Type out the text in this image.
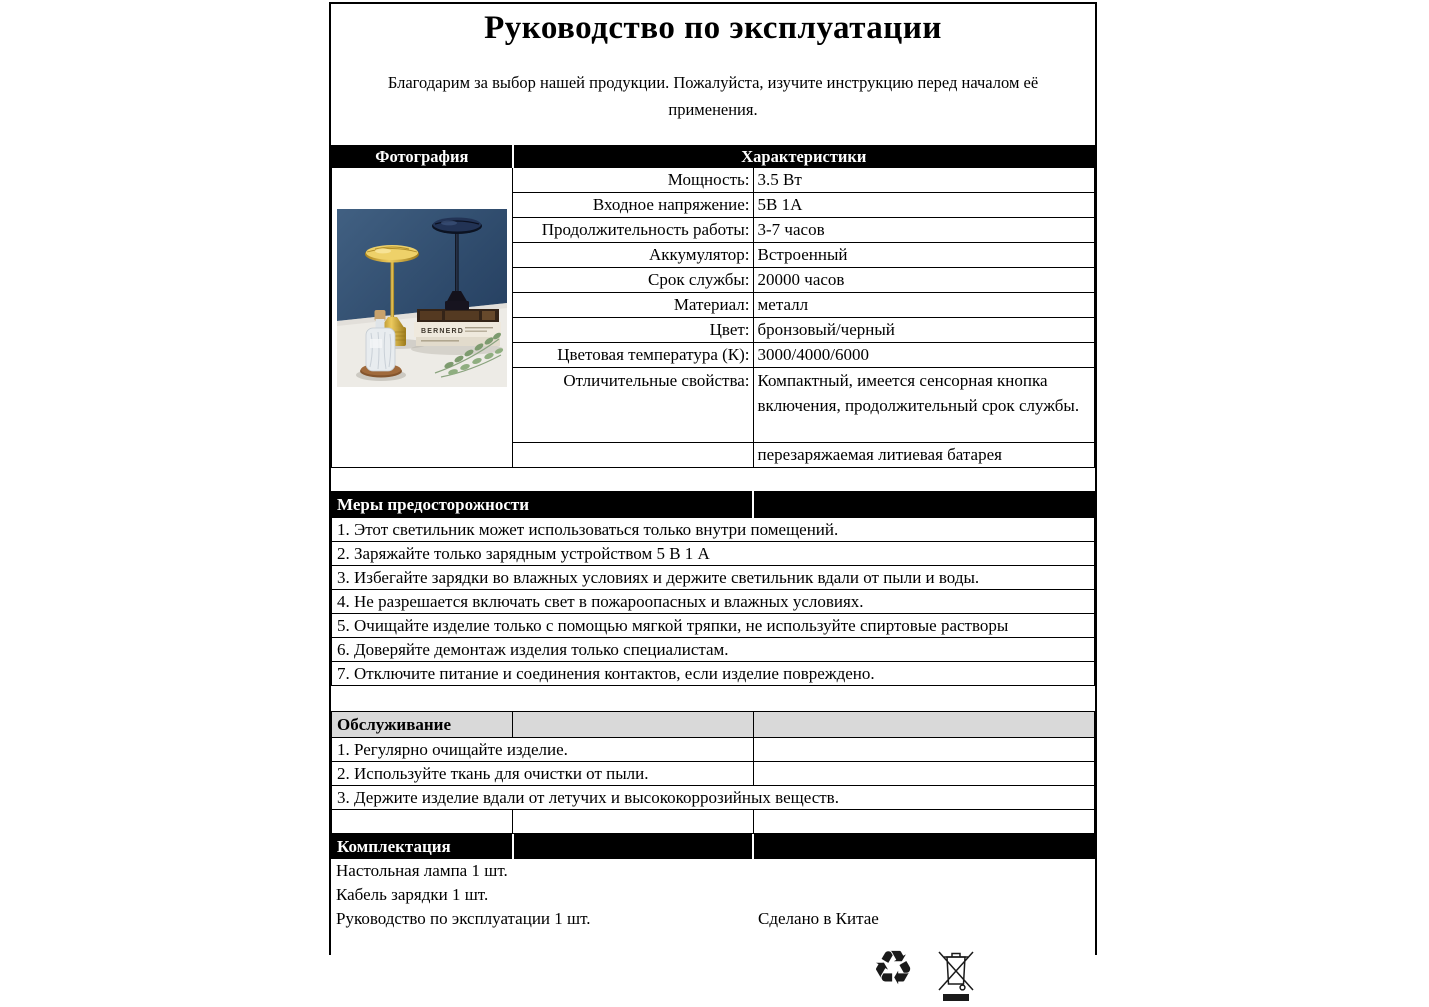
Руководство по эксплуатации
Благодарим за выбор нашей продукции. Пожалуйста, изучите инструкцию перед началом её применения.
Фотография	Характеристики	

BERNERD	Мощность:	3.5 Вт
	Входное напряжение:	5В 1А
	Продолжительность работы:	3-7 часов
	Аккумулятор:	Встроенный
	Срок службы:	20000 часов
	Материал:	металл
	Цвет:	бронзовый/черный
	Цветовая температура (К):	3000/4000/6000
	Отличительные свойства:	Компактный, имеется сенсорная кнопка включения, продолжительный срок службы.
		перезаряжаемая литиевая батарея
Меры предосторожности	
1. Этот светильник может использоваться только внутри помещений.
2. Заряжайте только зарядным устройством 5 В 1 А
3. Избегайте зарядки во влажных условиях и держите светильник вдали от пыли и воды.
4. Не разрешается включать свет в пожароопасных и влажных условиях.
5. Очищайте изделие только с помощью мягкой тряпки, не используйте спиртовые растворы
6. Доверяйте демонтаж изделия только специалистам.
7. Отключите питание и соединения контактов, если изделие повреждено.
Обслуживание		
1. Регулярно очищайте изделие.		
2. Используйте ткань для очистки от пыли.		
3. Держите изделие вдали от летучих и высококоррозийных веществ.		

Комплектация		
Настольная лампа 1 шт.
Кабель зарядки 1 шт.
Руководство по эксплуатации 1 шт.	Сделано в Китае
♻
